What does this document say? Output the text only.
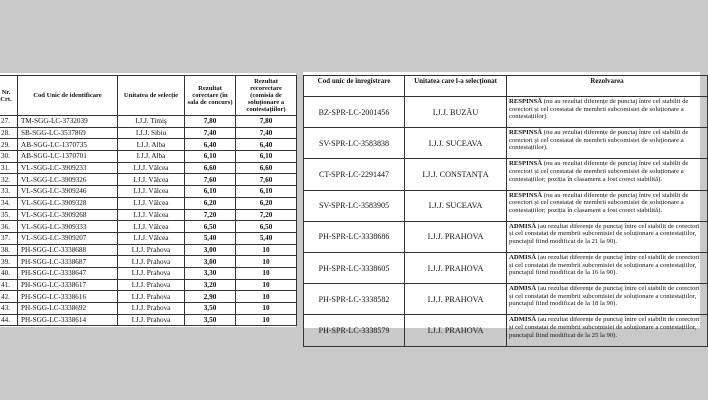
Nr. Crt.	Cod Unic de identificare	Unitatea de selecție	Rezultat corectare (în sala de concurs)	Rezultat recorectare (comisia de soluționare a contestațiilor)
27.	TM-SGG-LC-3732039	I.J.J. Timiș	7,80	7,80
28.	SB-SGG-LC-3537869	I.J.J. Sibiu	7,40	7,40
29.	AB-SGG-LC-1370735	I.J.J. Alba	6,40	6,40
30.	AB-SGG-LC-1370701	I.J.J. Alba	6,10	6,10
31.	VL-SGG-LC-3909233	I.J.J. Vâlcea	6,60	6,60
32.	VL-SGG-LC-3909326	I.J.J. Vâlcea	7,60	7,60
33.	VL-SGG-LC-3909246	I.J.J. Vâlcea	6,10	6,10
34.	VL-SGG-LC-3909328	I.J.J. Vâlcea	6,20	6,20
35.	VL-SGG-LC-3909268	I.J.J. Vâlcea	7,20	7,20
36.	VL-SGG-LC-3909333	I.J.J. Vâlcea	6,50	6,50
37.	VL-SGG-LC-3909207	I.J.J. Vâlcea	5,40	5,40
38.	PH-SGG-LC-3338688	I.J.J. Prahova	3,00	10
39.	PH-SGG-LC-3338687	I.J.J. Prahova	3,00	10
40.	PH-SGG-LC-3338647	I.J.J. Prahova	3,30	10
41.	PH-SGG-LC-3338617	I.J.J. Prahova	3,20	10
42.	PH-SGG-LC-3338616	I.J.J. Prahova	2,90	10
43.	PH-SGG-LC-3338692	I.J.J. Prahova	3,50	10
44.	PH-SGG-LC-3338614	I.J.J. Prahova	3,50	10
Cod unic de înregistrare	Unitatea care l-a selecționat	Rezolvarea
BZ-SPR-LC-2001456	I.J.J. BUZĂU	RESPINSĂ (nu au rezultat diferențe de punctaj între cel stabilit de corectori și cel constatat de membrii subcomisiei de soluționare a contestațiilor).
SV-SPR-LC-3583838	I.J.J. SUCEAVA	RESPINSĂ (nu au rezultat diferențe de punctaj între cel stabilit de corectori și cel constatat de membrii subcomisiei de soluționare a contestațiilor).
CT-SPR-LC-2291447	I.J.J. CONSTANȚA	RESPINSĂ (nu au rezultat diferențe de punctaj între cel stabilit de corectori și cel constatat de membrii subcomisiei de soluționare a contestațiilor; poziția în clasament a fost corect stabilită).
SV-SPR-LC-3583905	I.J.J. SUCEAVA	RESPINSĂ (nu au rezultat diferențe de punctaj între cel stabilit de corectori și cel constatat de membrii subcomisiei de soluționare a contestațiilor; poziția în clasament a fost corect stabilită).
PH-SPR-LC-3338686	I.J.J. PRAHOVA	ADMISĂ (au rezultat diferențe de punctaj între cel stabilit de corectori și cel constatat de membrii subcomisiei de soluționare a contestațiilor, punctajul fiind modificat de la 21 la 90).
PH-SPR-LC-3338605	I.J.J. PRAHOVA	ADMISĂ (au rezultat diferențe de punctaj între cel stabilit de corectori și cel constatat de membrii subcomisiei de soluționare a contestațiilor, punctajul fiind modificat de la 16 la 90).
PH-SPR-LC-3338582	I.J.J. PRAHOVA	ADMISĂ (au rezultat diferențe de punctaj între cel stabilit de corectori și cel constatat de membrii subcomisiei de soluționare a contestațiilor, punctajul fiind modificat de la 18 la 90).
PH-SPR-LC-3338579	I.J.J. PRAHOVA	ADMISĂ (au rezultat diferențe de punctaj între cel stabilit de corectori și cel constatat de membrii subcomisiei de soluționare a contestațiilor, punctajul fiind modificat de la 25 la 90).
